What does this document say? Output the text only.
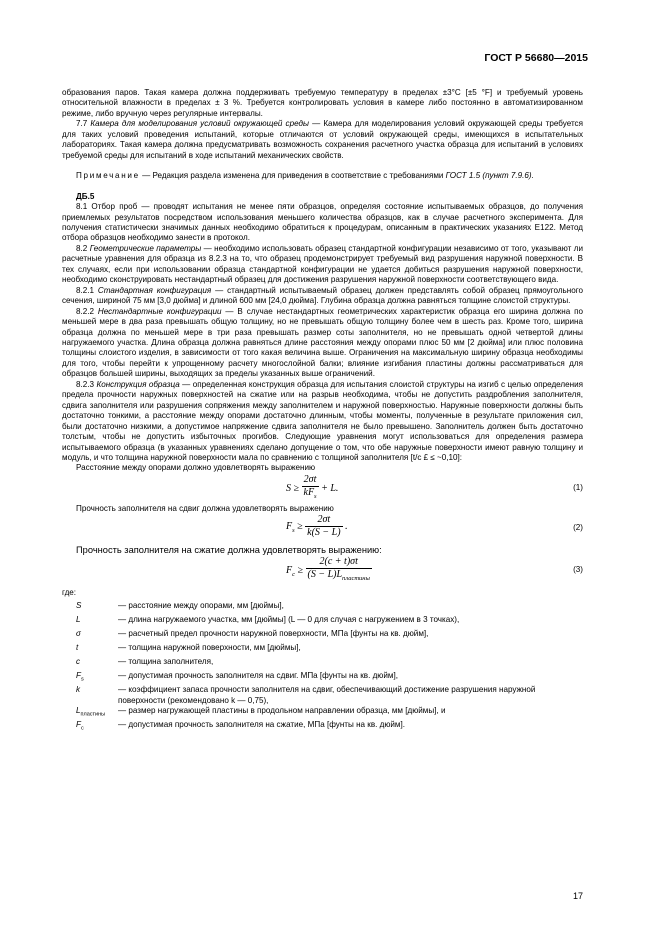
ГОСТ Р 56680—2015

образования паров. Такая камера должна поддерживать требуемую температуру в пределах ±3°С [±5 °F] и требуемый уровень относительной влажности в пределах ± 3 %. Требуется контролировать условия в камере либо постоянно в автоматизированном режиме, либо вручную через регулярные интервалы.

7.7 Камера для моделирования условий окружающей среды — Камера для моделирования условий окружающей среды требуется для таких условий проведения испытаний, которые отличаются от условий окружающей среды, имеющихся в испытательных лабораториях. Такая камера должна предусматривать возможность сохранения расчетного участка образца для испытаний в условиях требуемой среды для испытаний в ходе испытаний механических свойств.

Примечание — Редакция раздела изменена для приведения в соответствие с требованиями ГОСТ 1.5 (пункт 7.9.6).

ДБ.5

8.1 Отбор проб — проводят испытания не менее пяти образцов, определяя состояние испытываемых образцов, до получения приемлемых результатов посредством использования меньшего количества образцов, как в случае расчетного эксперимента. Для получения статистически значимых данных необходимо обратиться к процедурам, описанным в практических указаниях Е122. Метод отбора образцов необходимо занести в протокол.

8.2 Геометрические параметры — необходимо использовать образец стандартной конфигурации независимо от того, указывают ли расчетные уравнения для образца из 8.2.3 на то, что образец продемонстрирует требуемый вид разрушения наружной поверхности. В тех случаях, если при использовании образца стандартной конфигурации не удается добиться разрушения наружной поверхности, необходимо сконструировать нестандартный образец для достижения разрушения наружной поверхности соответствующего вида.

8.2.1 Стандартная конфигурация — стандартный испытываемый образец должен представлять собой образец прямоугольного сечения, шириной 75 мм [3,0 дюйма] и длиной 600 мм [24,0 дюйма]. Глубина образца должна равняться толщине слоистой структуры.

8.2.2 Нестандартные конфигурации — В случае нестандартных геометрических характеристик образца его ширина должна по меньшей мере в два раза превышать общую толщину, но не превышать общую толщину более чем в шесть раз. Кроме того, ширина образца должна по меньшей мере в три раза превышать размер соты заполнителя, но не превышать одной четвертой длины нагружаемого участка. Длина образца должна равняться длине расстояния между опорами плюс 50 мм [2 дюйма] или плюс половина толщины слоистого изделия, в зависимости от того какая величина выше. Ограничения на максимальную ширину образца необходимы для того, чтобы перейти к упрощенному расчету многослойной балки; влияние изгибания пластины должны рассматриваться для образцов большей ширины, выходящих за пределы указанных выше ограничений.

8.2.3 Конструкция образца — определенная конструкция образца для испытания слоистой структуры на изгиб с целью определения предела прочности наружных поверхностей на сжатие или на разрыв необходима, чтобы не допустить раздробления заполнителя, сдвига заполнителя или разрушения сопряжения между заполнителем и наружной поверхностью. Наружные поверхности должны быть достаточно тонкими, а расстояние между опорами достаточно длинным, чтобы моменты, полученные в результате приложения сил, были достаточно низкими, а допустимое напряжение сдвига заполнителя не было превышено. Заполнитель должен быть достаточно толстым, чтобы не допустить избыточных прогибов. Следующие уравнения могут использоваться для определения размера испытываемого образца (в указанных уравнениях сделано допущение о том, что обе наружные поверхности имеют равную толщину и модуль, и что толщина наружной поверхности мала по сравнению с толщиной заполнителя [t/c £ ≤ ~0,10]:

Расстояние между опорами должно удовлетворять выражению

$S \ge \frac{2\sigma t}{kF_s} + L$.	(1)

Прочность заполнителя на сдвиг должна удовлетворять выражению

$F_s \ge \frac{2\sigma t}{k(S - L)}$ .	(2)

Прочность заполнителя на сжатие должна удовлетворять выражению:

$F_c \ge \frac{2(c + t)\sigma t}{(S - L)L_{пластины}}$	(3)

где:

S	— расстояние между опорами, мм [дюймы],
L	— длина нагружаемого участка, мм [дюймы] (L — 0 для случая с нагружением в 3 точках),
σ	— расчетный предел прочности наружной поверхности, МПа [фунты на кв. дюйм],
t	— толщина наружной поверхности, мм [дюймы],
c	— толщина заполнителя,
$F_s$	— допустимая прочность заполнителя на сдвиг. МПа [фунты на кв. дюйм],
k	— коэффициент запаса прочности заполнителя на сдвиг, обеспечивающий достижение разрушения наружной поверхности (рекомендовано k — 0,75),
$L_{пластины}$	— размер нагружающей пластины в продольном направлении образца, мм [дюймы], и
$F_c$	— допустимая прочность заполнителя на сжатие, МПа [фунты на кв. дюйм].
17
